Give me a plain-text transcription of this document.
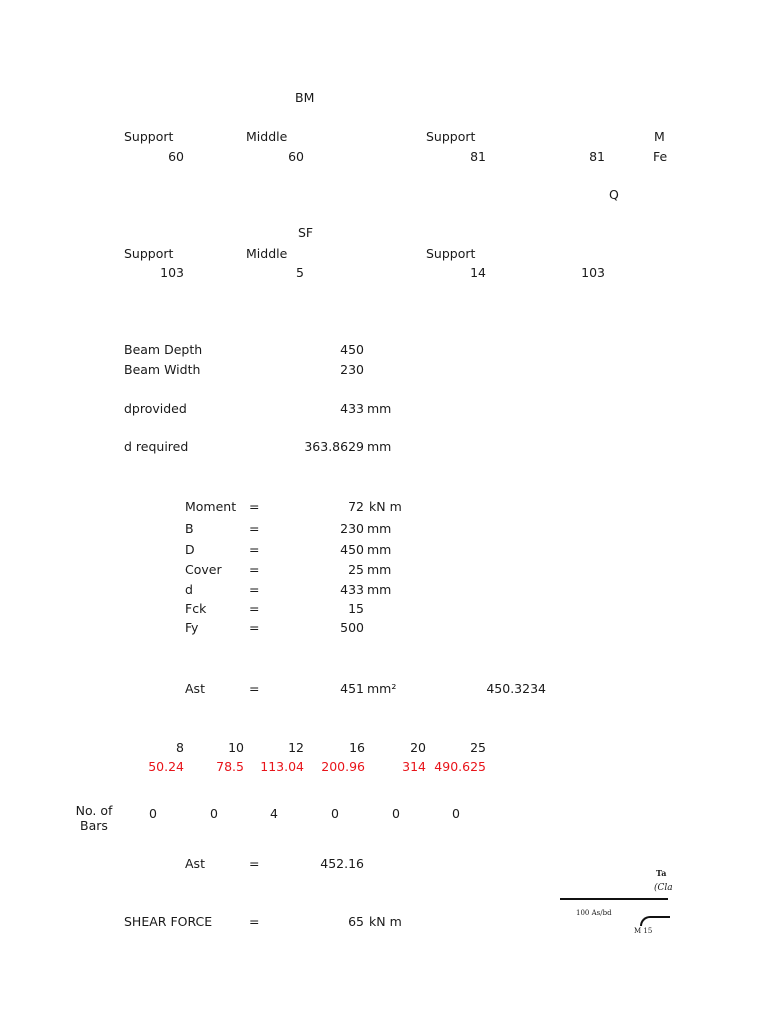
BM
Support	Middle	Support	M
60	60	81	81	Fe
Q
SF
Support	Middle	Support
103	5	14	103
Beam Depth	450
Beam Width	230
dprovided	433 mm
d required	363.8629 mm
Moment =	72 kN m
B	=	230 mm
D	=	450 mm
Cover =	25 mm
d	=	433 mm
Fck	=	15
Fy	=	500
Ast	=	451 mm²	450.3234
8	10	12	16	20	25
50.24	78.5	113.04	200.96	314 490.625
No. of
Bars
0	0	4	0	0	0
Ast	=	452.16
SHEAR FORCE	=	65 kN m
Ta
(Cla
100 As/bd
M 15
